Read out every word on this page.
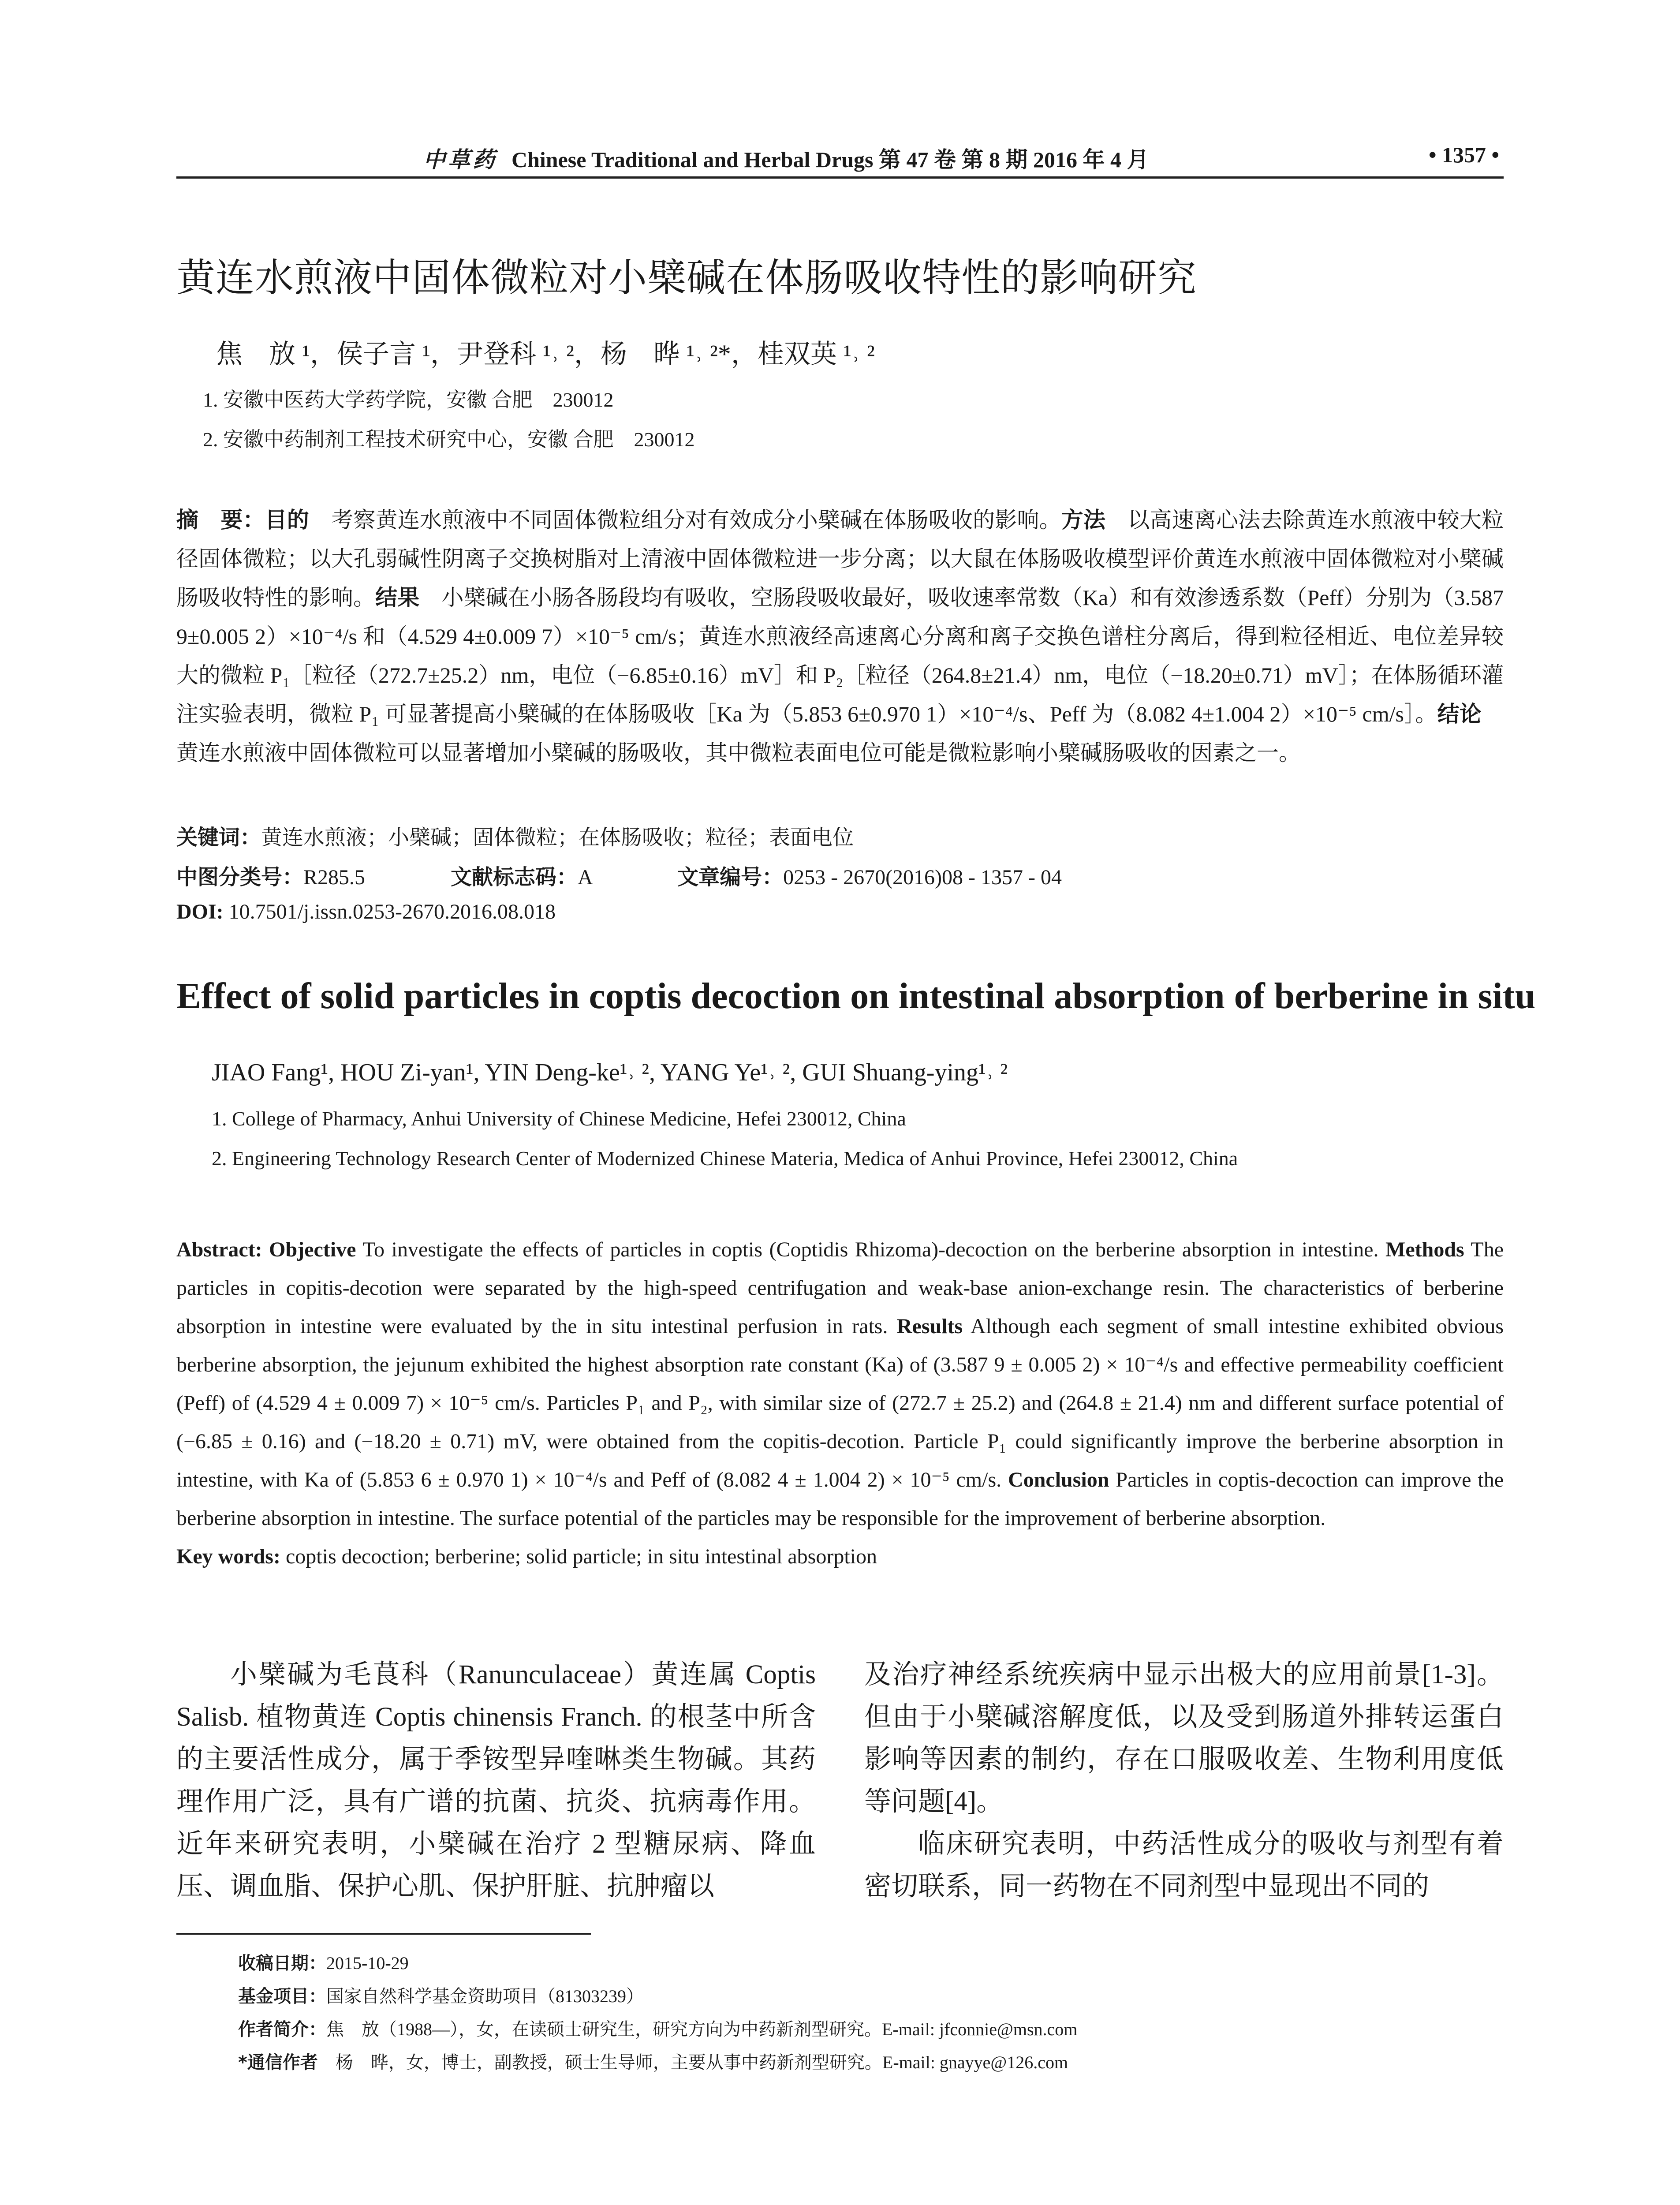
中草药 Chinese Traditional and Herbal Drugs 第 47 卷 第 8 期 2016 年 4 月	• 1357 •
黄连水煎液中固体微粒对小檗碱在体肠吸收特性的影响研究
焦　放 ¹，侯子言 ¹，尹登科 ¹˒ ²，杨　晔 ¹˒ ²*，桂双英 ¹˒ ²
1. 安徽中医药大学药学院，安徽 合肥　230012
2. 安徽中药制剂工程技术研究中心，安徽 合肥　230012
摘　要：目的　考察黄连水煎液中不同固体微粒组分对有效成分小檗碱在体肠吸收的影响。方法　以高速离心法去除黄连水煎液中较大粒径固体微粒；以大孔弱碱性阴离子交换树脂对上清液中固体微粒进一步分离；以大鼠在体肠吸收模型评价黄连水煎液中固体微粒对小檗碱肠吸收特性的影响。结果　小檗碱在小肠各肠段均有吸收，空肠段吸收最好，吸收速率常数（Ka）和有效渗透系数（Peff）分别为（3.587 9±0.005 2）×10⁻⁴/s 和（4.529 4±0.009 7）×10⁻⁵ cm/s；黄连水煎液经高速离心分离和离子交换色谱柱分离后，得到粒径相近、电位差异较大的微粒 P₁［粒径（272.7±25.2）nm，电位（−6.85±0.16）mV］和 P₂［粒径（264.8±21.4）nm，电位（−18.20±0.71）mV］；在体肠循环灌注实验表明，微粒 P₁ 可显著提高小檗碱的在体肠吸收［Ka 为（5.853 6±0.970 1）×10⁻⁴/s、Peff 为（8.082 4±1.004 2）×10⁻⁵ cm/s］。结论　黄连水煎液中固体微粒可以显著增加小檗碱的肠吸收，其中微粒表面电位可能是微粒影响小檗碱肠吸收的因素之一。
关键词：黄连水煎液；小檗碱；固体微粒；在体肠吸收；粒径；表面电位
中图分类号：R285.5	文献标志码：A	文章编号：0253 - 2670(2016)08 - 1357 - 04
DOI: 10.7501/j.issn.0253-2670.2016.08.018
Effect of solid particles in coptis decoction on intestinal absorption of berberine in situ
JIAO Fang¹, HOU Zi-yan¹, YIN Deng-ke¹˒ ², YANG Ye¹˒ ², GUI Shuang-ying¹˒ ²
1. College of Pharmacy, Anhui University of Chinese Medicine, Hefei 230012, China
2. Engineering Technology Research Center of Modernized Chinese Materia, Medica of Anhui Province, Hefei 230012, China
Abstract: Objective To investigate the effects of particles in coptis (Coptidis Rhizoma)-decoction on the berberine absorption in intestine. Methods The particles in copitis-decotion were separated by the high-speed centrifugation and weak-base anion-exchange resin. The characteristics of berberine absorption in intestine were evaluated by the in situ intestinal perfusion in rats. Results Although each segment of small intestine exhibited obvious berberine absorption, the jejunum exhibited the highest absorption rate constant (Ka) of (3.587 9 ± 0.005 2) × 10⁻⁴/s and effective permeability coefficient (Peff) of (4.529 4 ± 0.009 7) × 10⁻⁵ cm/s. Particles P₁ and P₂, with similar size of (272.7 ± 25.2) and (264.8 ± 21.4) nm and different surface potential of (−6.85 ± 0.16) and (−18.20 ± 0.71) mV, were obtained from the copitis-decotion. Particle P₁ could significantly improve the berberine absorption in intestine, with Ka of (5.853 6 ± 0.970 1) × 10⁻⁴/s and Peff of (8.082 4 ± 1.004 2) × 10⁻⁵ cm/s. Conclusion Particles in coptis-decoction can improve the berberine absorption in intestine. The surface potential of the particles may be responsible for the improvement of berberine absorption.
Key words: coptis decoction; berberine; solid particle; in situ intestinal absorption

小檗碱为毛茛科（Ranunculaceae）黄连属 Coptis Salisb. 植物黄连 Coptis chinensis Franch. 的根茎中所含的主要活性成分，属于季铵型异喹啉类生物碱。其药理作用广泛，具有广谱的抗菌、抗炎、抗病毒作用。近年来研究表明，小檗碱在治疗 2 型糖尿病、降血压、调血脂、保护心肌、保护肝脏、抗肿瘤以

及治疗神经系统疾病中显示出极大的应用前景[1-3]。但由于小檗碱溶解度低，以及受到肠道外排转运蛋白影响等因素的制约，存在口服吸收差、生物利用度低等问题[4]。

临床研究表明，中药活性成分的吸收与剂型有着密切联系，同一药物在不同剂型中显现出不同的

收稿日期：2015-10-29
基金项目：国家自然科学基金资助项目（81303239）
作者简介：焦　放（1988—），女，在读硕士研究生，研究方向为中药新剂型研究。E-mail: jfconnie@msn.com
*通信作者　杨　晔，女，博士，副教授，硕士生导师，主要从事中药新剂型研究。E-mail: gnayye@126.com
